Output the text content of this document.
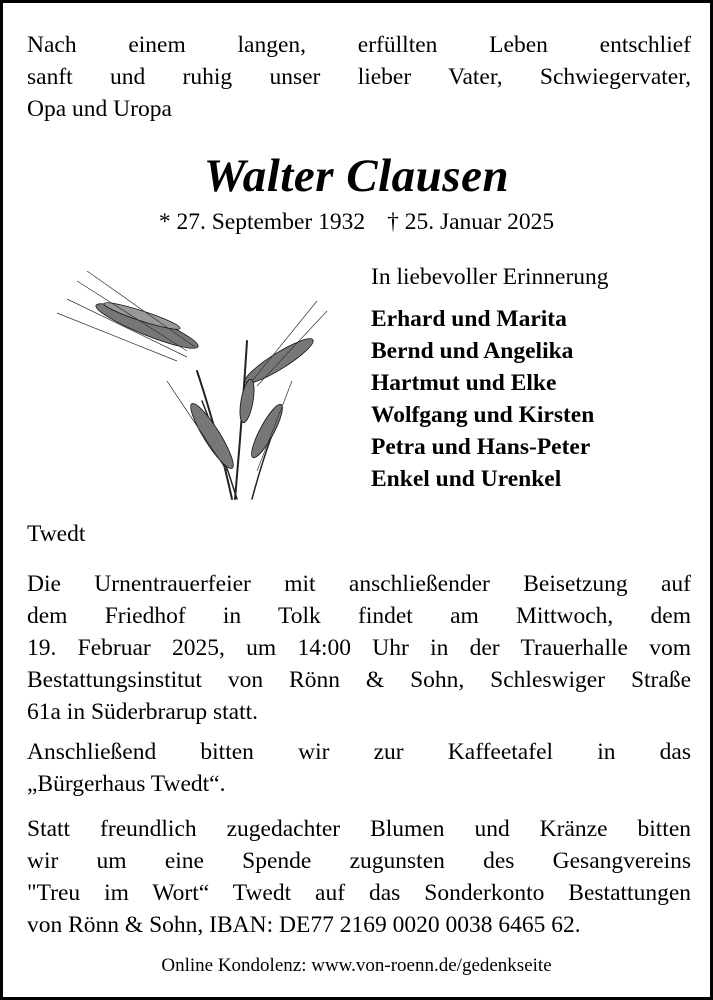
Nach einem langen, erfüllten Leben entschlief
sanft und ruhig unser lieber Vater, Schwiegervater,
Opa und Uropa
Walter Clausen
* 27. September 1932 † 25. Januar 2025
In liebevoller Erinnerung
Erhard und Marita
Bernd und Angelika
Hartmut und Elke
Wolfgang und Kirsten
Petra und Hans-Peter
Enkel und Urenkel
Twedt
Die Urnentrauerfeier mit anschließender Beisetzung auf
dem Friedhof in Tolk findet am Mittwoch, dem
19. Februar 2025, um 14:00 Uhr in der Trauerhalle vom
Bestattungsinstitut von Rönn & Sohn, Schleswiger Straße
61a in Süderbrarup statt.
Anschließend bitten wir zur Kaffeetafel in das
„Bürgerhaus Twedt“.
Statt freundlich zugedachter Blumen und Kränze bitten
wir um eine Spende zugunsten des Gesangvereins
"Treu im Wort“ Twedt auf das Sonderkonto Bestattungen
von Rönn & Sohn, IBAN: DE77 2169 0020 0038 6465 62.
Online Kondolenz: www.von-roenn.de/gedenkseite
